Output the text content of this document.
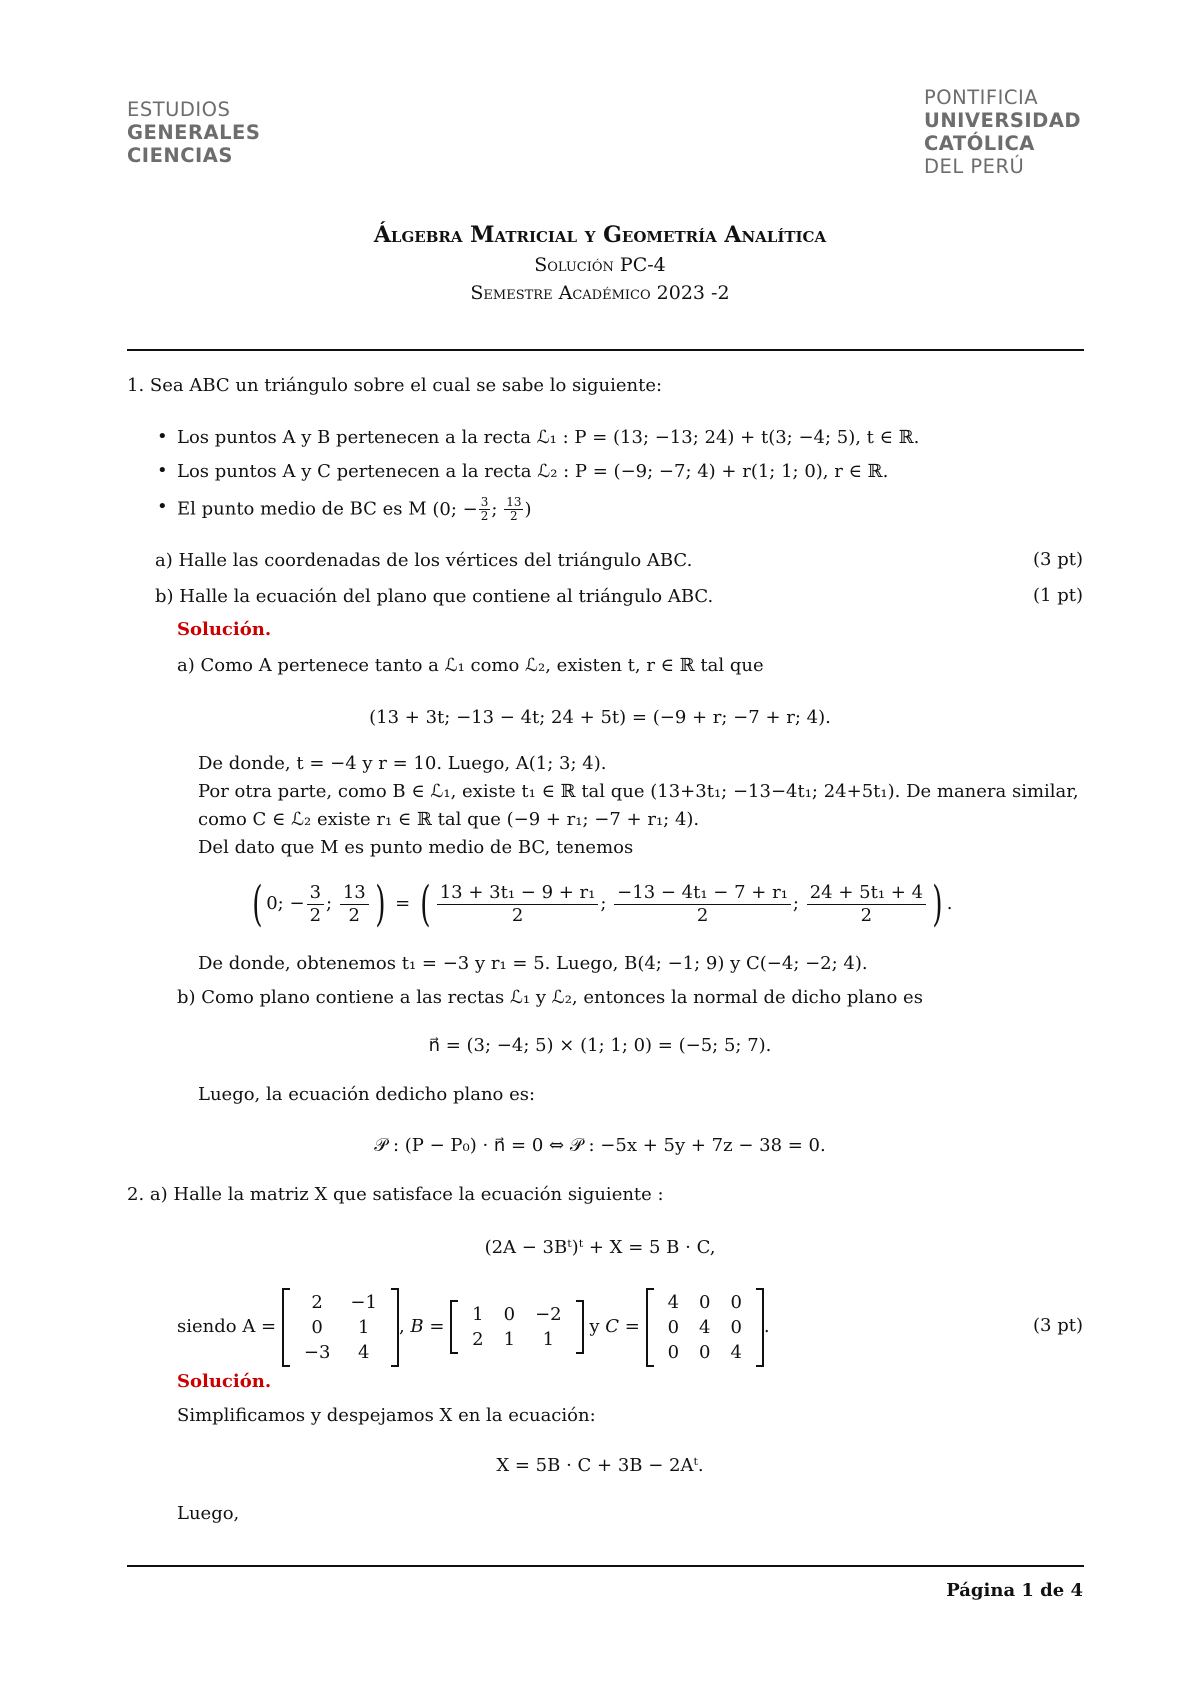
ESTUDIOS
GENERALES
CIENCIAS
PONTIFICIA
UNIVERSIDAD
CATÓLICA
DEL PERÚ
Álgebra Matricial y Geometría Analítica
Solución PC-4
Semestre Académico 2023 -2
1. Sea ABC un triángulo sobre el cual se sabe lo siguiente:
• Los puntos A y B pertenecen a la recta ℒ₁ : P = (13; −13; 24) + t(3; −4; 5), t ∈ ℝ.
• Los puntos A y C pertenecen a la recta ℒ₂ : P = (−9; −7; 4) + r(1; 1; 0), r ∈ ℝ.
• El punto medio de BC es M (0; − $\frac{3}{2}$ ; $\frac{13}{2}$ )
a) Halle las coordenadas de los vértices del triángulo ABC.	(3 pt)
b) Halle la ecuación del plano que contiene al triángulo ABC.	(1 pt)
Solución.
a) Como A pertenece tanto a ℒ₁ como ℒ₂, existen t, r ∈ ℝ tal que
(13 + 3t; −13 − 4t; 24 + 5t) = (−9 + r; −7 + r; 4).
De donde, t = −4 y r = 10. Luego, A(1; 3; 4).
Por otra parte, como B ∈ ℒ₁, existe t₁ ∈ ℝ tal que (13+3t₁; −13−4t₁; 24+5t₁). De manera similar,
como C ∈ ℒ₂ existe r₁ ∈ ℝ tal que (−9 + r₁; −7 + r₁; 4).
Del dato que M es punto medio de BC, tenemos
( 0; − $\frac{3}{2}$ ; $\frac{13}{2}$ ) = ( $\frac{\text{13 + 3t₁ − 9 + r₁}}{2}$ ; $\frac{\text{−13 − 4t₁ − 7 + r₁}}{2}$ ; $\frac{\text{24 + 5t₁ + 4}}{2}$ ) .
De donde, obtenemos t₁ = −3 y r₁ = 5. Luego, B(4; −1; 9) y C(−4; −2; 4).
b) Como plano contiene a las rectas ℒ₁ y ℒ₂, entonces la normal de dicho plano es
n⃗ = (3; −4; 5) × (1; 1; 0) = (−5; 5; 7).
Luego, la ecuación dedicho plano es:
𝒫 : (P − P₀) · n⃗ = 0 ⇔ 𝒫 : −5x + 5y + 7z − 38 = 0.
2. a) Halle la matriz X que satisface la ecuación siguiente :
(2A − 3Bᵗ)ᵗ + X = 5 B · C,
siendo A =
2	−1
0	1
−3	4
, B =
1	0	−2
2	1	1
y C =
4	0	0
0	4	0
0	0	4
.	(3 pt)
Solución.
Simplificamos y despejamos X en la ecuación:
X = 5B · C + 3B − 2Aᵗ.
Luego,
Página 1 de 4
